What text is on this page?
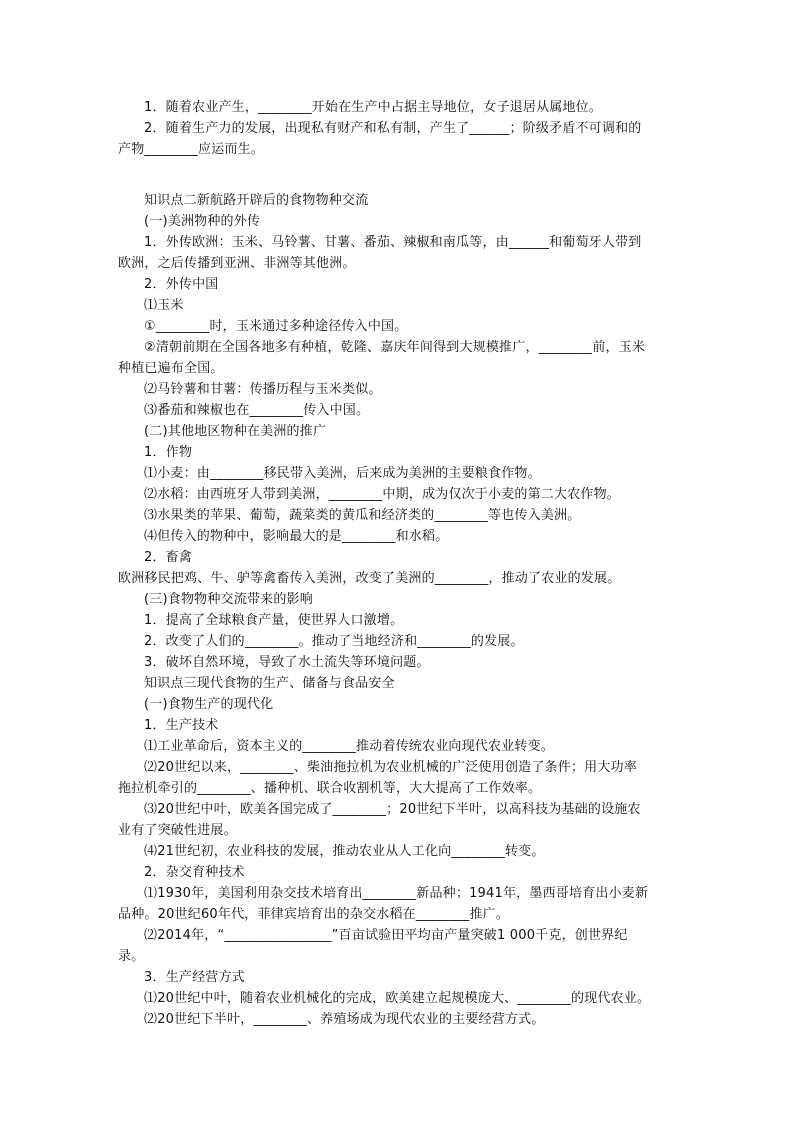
1．随着农业产生，________开始在生产中占据主导地位，女子退居从属地位。
2．随着生产力的发展，出现私有财产和私有制，产生了______；阶级矛盾不可调和的
产物________应运而生。
知识点二新航路开辟后的食物物种交流
(一)美洲物种的外传
1．外传欧洲：玉米、马铃薯、甘薯、番茄、辣椒和南瓜等，由______和葡萄牙人带到
欧洲，之后传播到亚洲、非洲等其他洲。
2．外传中国
⑴玉米
①________时，玉米通过多种途径传入中国。
②清朝前期在全国各地多有种植，乾隆、嘉庆年间得到大规模推广，________前，玉米
种植已遍布全国。
⑵马铃薯和甘薯：传播历程与玉米类似。
⑶番茄和辣椒也在________传入中国。
(二)其他地区物种在美洲的推广
1．作物
⑴小麦：由________移民带入美洲，后来成为美洲的主要粮食作物。
⑵水稻：由西班牙人带到美洲，________中期，成为仅次于小麦的第二大农作物。
⑶水果类的苹果、葡萄，蔬菜类的黄瓜和经济类的________等也传入美洲。
⑷但传入的物种中，影响最大的是________和水稻。
2．畜禽
欧洲移民把鸡、牛、驴等禽畜传入美洲，改变了美洲的________，推动了农业的发展。
(三)食物物种交流带来的影响
1．提高了全球粮食产量，使世界人口激增。
2．改变了人们的________。推动了当地经济和________的发展。
3．破坏自然环境，导致了水土流失等环境问题。
知识点三现代食物的生产、储备与食品安全
(一)食物生产的现代化
1．生产技术
⑴工业革命后，资本主义的________推动着传统农业向现代农业转变。
⑵20世纪以来，________、柴油拖拉机为农业机械的广泛使用创造了条件；用大功率
拖拉机牵引的________、播种机、联合收割机等，大大提高了工作效率。
⑶20世纪中叶，欧美各国完成了________；20世纪下半叶，以高科技为基础的设施农
业有了突破性进展。
⑷21世纪初，农业科技的发展，推动农业从人工化向________转变。
2．杂交育种技术
⑴1930年，美国利用杂交技术培育出________新品种；1941年，墨西哥培育出小麦新
品种。20世纪60年代，菲律宾培育出的杂交水稻在________推广。
⑵2014年，“________________”百亩试验田平均亩产量突破1 000千克，创世界纪
录。
3．生产经营方式
⑴20世纪中叶，随着农业机械化的完成，欧美建立起规模庞大、________的现代农业。
⑵20世纪下半叶，________、养殖场成为现代农业的主要经营方式。
